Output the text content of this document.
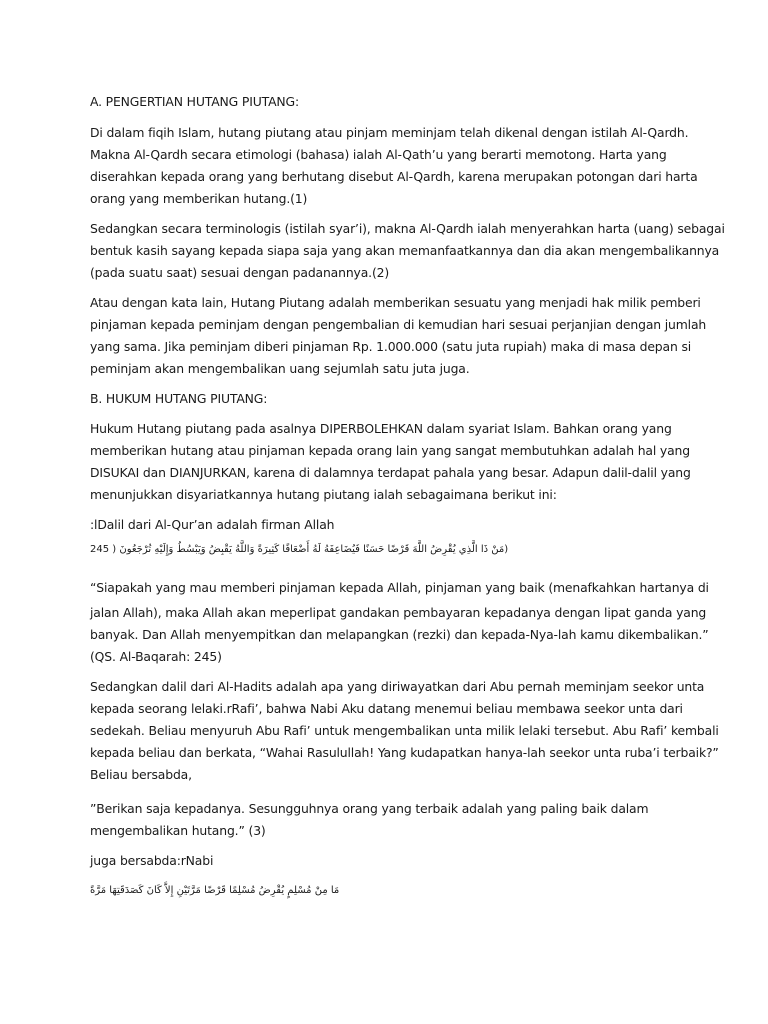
A. PENGERTIAN HUTANG PIUTANG:
Di dalam fiqih Islam, hutang piutang atau pinjam meminjam telah dikenal dengan istilah Al-Qardh.
Makna Al-Qardh secara etimologi (bahasa) ialah Al-Qath’u yang berarti memotong. Harta yang
diserahkan kepada orang yang berhutang disebut Al-Qardh, karena merupakan potongan dari harta
orang yang memberikan hutang.(1)
Sedangkan secara terminologis (istilah syar’i), makna Al-Qardh ialah menyerahkan harta (uang) sebagai
bentuk kasih sayang kepada siapa saja yang akan memanfaatkannya dan dia akan mengembalikannya
(pada suatu saat) sesuai dengan padanannya.(2)
Atau dengan kata lain, Hutang Piutang adalah memberikan sesuatu yang menjadi hak milik pemberi
pinjaman kepada peminjam dengan pengembalian di kemudian hari sesuai perjanjian dengan jumlah
yang sama. Jika peminjam diberi pinjaman Rp. 1.000.000 (satu juta rupiah) maka di masa depan si
peminjam akan mengembalikan uang sejumlah satu juta juga.
B. HUKUM HUTANG PIUTANG:
Hukum Hutang piutang pada asalnya DIPERBOLEHKAN dalam syariat Islam. Bahkan orang yang
memberikan hutang atau pinjaman kepada orang lain yang sangat membutuhkan adalah hal yang
DISUKAI dan DIANJURKAN, karena di dalamnya terdapat pahala yang besar. Adapun dalil-dalil yang
menunjukkan disyariatkannya hutang piutang ialah sebagaimana berikut ini:
:lDalil dari Al-Qur’an adalah firman Allah
(مَنْ ذَا الَّذِي يُقْرِضُ اللَّهَ قَرْضًا حَسَنًا فَيُضَاعِفَهُ لَهُ أَضْعَافًا كَثِيرَةً وَاللَّهُ يَقْبِضُ وَيَبْسُطُ وَإِلَيْهِ تُرْجَعُونَ ( 245
“Siapakah yang mau memberi pinjaman kepada Allah, pinjaman yang baik (menafkahkan hartanya di
jalan Allah), maka Allah akan meperlipat gandakan pembayaran kepadanya dengan lipat ganda yang
banyak. Dan Allah menyempitkan dan melapangkan (rezki) dan kepada-Nya-lah kamu dikembalikan.”
(QS. Al-Baqarah: 245)
Sedangkan dalil dari Al-Hadits adalah apa yang diriwayatkan dari Abu pernah meminjam seekor unta
kepada seorang lelaki.rRafi’, bahwa Nabi Aku datang menemui beliau membawa seekor unta dari
sedekah. Beliau menyuruh Abu Rafi’ untuk mengembalikan unta milik lelaki tersebut. Abu Rafi’ kembali
kepada beliau dan berkata, “Wahai Rasulullah! Yang kudapatkan hanya-lah seekor unta ruba’i terbaik?”
Beliau bersabda,
”Berikan saja kepadanya. Sesungguhnya orang yang terbaik adalah yang paling baik dalam
mengembalikan hutang.” (3)
juga bersabda:rNabi
مَا مِنْ مُسْلِمٍ يُقْرِضُ مُسْلِمًا قَرْضًا مَرَّتَيْنِ إِلاَّ كَانَ كَصَدَقَتِهَا مَرَّةً
